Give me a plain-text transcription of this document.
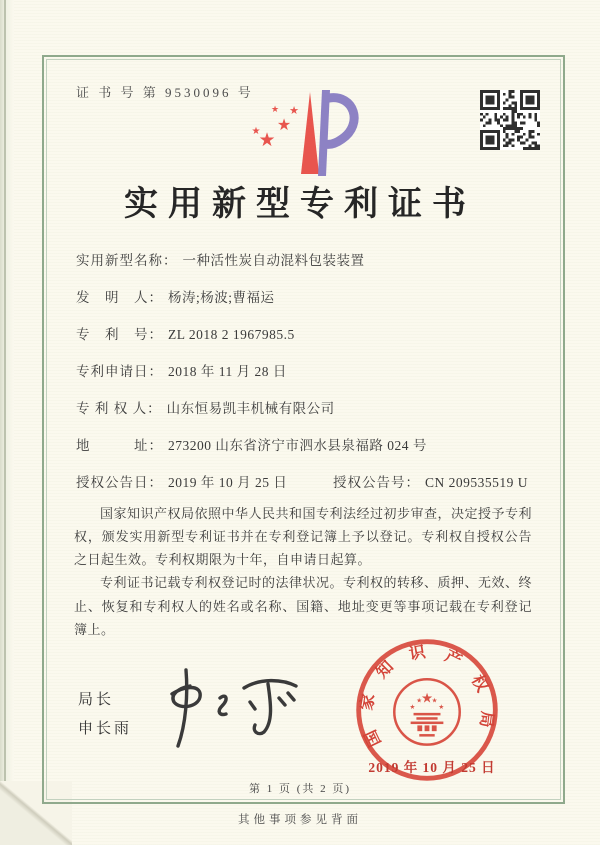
证 书 号 第 9530096 号
★
★
★
★
★
实用新型专利证书
实用新型名称： 一种活性炭自动混料包装装置
发　明　人： 杨涛;杨波;曹福运
专　利　号： ZL 2018 2 1967985.5
专利申请日： 2018 年 11 月 28 日
专 利 权 人： 山东恒易凯丰机械有限公司
地　　　址： 273200 山东省济宁市泗水县泉福路 024 号
授权公告日： 2019 年 10 月 25 日	授权公告号： CN 209535519 U

国家知识产权局依照中华人民共和国专利法经过初步审查，决定授予专利权，颁发实用新型专利证书并在专利登记簿上予以登记。专利权自授权公告之日起生效。专利权期限为十年，自申请日起算。

专利证书记载专利权登记时的法律状况。专利权的转移、质押、无效、终止、恢复和专利权人的姓名或名称、国籍、地址变更等事项记载在专利登记簿上。

局长
申长雨	国家知识产权局
★
★
★ ★
★
2019 年 10 月 25 日
第 1 页 (共 2 页)
其他事项参见背面
